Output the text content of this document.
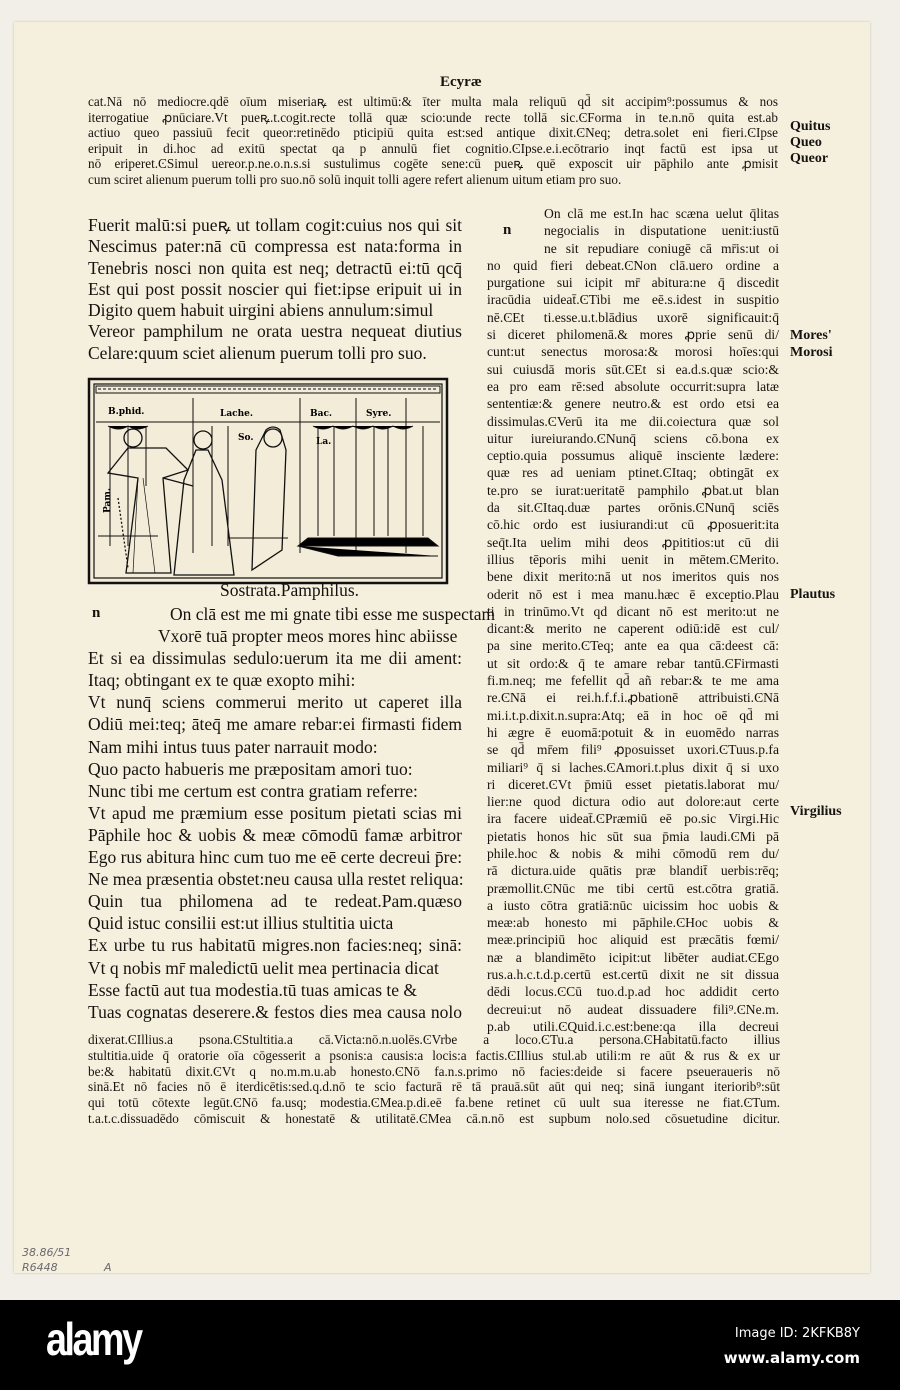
Ecyræ
cat.Nā nō mediocre.qdē oīum miseriaꝶ est ultimū:& īter multa mala reliquū qd̄ sit accipim⁹:possumus & nos
iterrogatiue ꝓnūciare.Vt pueꝶ.t.cogit.recte tollā quæ scio:unde recte tollā sic.ϾForma in te.n.nō quita est.ab
actiuo queo passiuū fecit queor:retinēdo pticipiū quita est:sed antique dixit.ϾNeq; detra.solet eni fieri.ϾIpse
eripuit in di.hoc ad exitū spectat qa p annulū fiet cognitio.ϾIpse.e.i.ecōtrario inqt factū est ipsa ut
nō eriperet.ϾSimul uereor.p.ne.o.n.s.si sustulimus cogēte sene:cū pueꝶ quē exposcit uir pāphilo ante ꝓmisit
cum sciret alienum puerum tolli pro suo.nō solū inquit tolli agere refert alienum uitum etiam pro suo.
Fuerit malū:si pueꝶ ut tollam cogit:cuius nos qui sit
Nescimus pater:nā cū compressa est nata:forma in
Tenebris nosci non quita est neq; detractū ei:tū qcq̄
Est qui post possit noscier qui fiet:ipse eripuit ui in
Digito quem habuit uirgini abiens annulum:simul
Vereor pamphilum ne orata uestra nequeat diutius
Celare:quum sciet alienum puerum tolli pro suo.
B.phid.	Lache.	Bac.	Syre.
So.	La.
Pam.
Sostrata.Pamphilus.
n
n
On clā est me mi gnate tibi esse me suspectam
Vxorē tuā propter meos mores hinc abiisse
Et si ea dissimulas sedulo:uerum ita me dii ament:
Itaq; obtingant ex te quæ exopto mihi:
Vt nunq̄ sciens commerui merito ut caperet illa
Odiū mei:teq; āteq̄ me amare rebar:ei firmasti fidem
Nam mihi intus tuus pater narrauit modo:
Quo pacto habueris me præpositam amori tuo:
Nunc tibi me certum est contra gratiam referre:
Vt apud me præmium esse positum pietati scias mi
Pāphile hoc & uobis & meæ cōmodū famæ arbitror
Ego rus abitura hinc cum tuo me eē certe decreui p̄re:
Ne mea præsentia obstet:neu causa ulla restet reliqua:
Quin tua philomena ad te redeat.Pam.quæso
Quid istuc consilii est:ut illius stultitia uicta
Ex urbe tu rus habitatū migres.non facies:neq; sinā:
Vt q nobis mr̄ maledictū uelit mea pertinacia dicat
Esse factū aut tua modestia.tū tuas amicas te &
Tuas cognatas deserere.& festos dies mea causa nolo
On clā me est.In hac scæna uelut q̄litas
negocialis in disputatione uenit:iustū
ne sit repudiare coniugē cā mr̄is:ut oi
no quid fieri debeat.ϾNon clā.uero ordine a
purgatione sui icipit mr̄ abitura:ne q̄ discedit
iracūdia uideat̄.ϾTibi me eē.s.idest in suspitio
nē.ϾEt ti.esse.u.t.blādius uxorē significauit:q̄
si diceret philomenā.& mores ꝓprie senū di/
cunt:ut senectus morosa:& morosi hoīes:qui
sui cuiusdā moris sūt.ϾEt si ea.d.s.quæ scio:&
ea pro eam rē:sed absolute occurrit:supra latæ
sententiæ:& genere neutro.& est ordo etsi ea
dissimulas.ϾVerū ita me dii.coiectura quæ sol
uitur iureiurando.ϾNunq̄ sciens cō.bona ex
ceptio.quia possumus aliquē insciente lædere:
quæ res ad ueniam ptinet.ϾItaq; obtingāt ex
te.pro se iurat:ueritatē pamphilo ꝓbat.ut blan
da sit.ϾItaq.duæ partes orōnis.ϾNunq̄ sciēs
cō.hic ordo est iusiurandi:ut cū ꝓposuerit:ita
seq̄t.Ita uelim mihi deos ꝓpititios:ut cū dii
illius tēporis mihi uenit in mētem.ϾMerito.
bene dixit merito:nā ut nos imeritos quis nos
oderit nō est i mea manu.hæc ē exceptio.Plau
ti in trinūmo.Vt qd dicant nō est merito:ut ne
dicant:& merito ne caperent odiū:idē est cul/
pa sine merito.ϾTeq; ante ea qua cā:deest cā:
ut sit ordo:& q̄ te amare rebar tantū.ϾFirmasti
fi.m.neq; me fefellit qd̄ añ rebar:& te me ama
re.ϾNā ei rei.h.f.f.i.ꝓbationē attribuisti.ϾNā
mi.i.t.p.dixit.n.supra:Atq; eā in hoc oē qd̄ mi
hi ægre ē euomā:potuit & in euomēdo narras
se qd̄ mr̄em fili⁹ ꝓposuisset uxori.ϾTuus.p.fa
miliari⁹ q̄ si laches.ϾAmori.t.plus dixit q̄ si uxo
ri diceret.ϾVt p̄miū esset pietatis.laborat mu/
lier:ne quod dictura odio aut dolore:aut certe
ira facere uideat̄.ϾPræmiū eē po.sic Virgi.Hic
pietatis honos hic sūt sua p̄mia laudi.ϾMi pā
phile.hoc & nobis & mihi cōmodū rem du/
rā dictura.uide quātis præ blandit̄ uerbis:rēq;
præmollit.ϾNūc me tibi certū est.cōtra gratiā.
a iusto cōtra gratiā:nūc uicissim hoc uobis &
meæ:ab honesto mi pāphile.ϾHoc uobis &
meæ.principiū hoc aliquid est præcātis fœmi/
næ a blandimēto icipit:ut libēter audiat.ϾEgo
rus.a.h.c.t.d.p.certū est.certū dixit ne sit dissua
dēdi locus.ϾCū tuo.d.p.ad hoc addidit certo
decreui:ut nō audeat dissuadere fili⁹.ϾNe.m.
p.ab utili.ϾQuid.i.c.est:bene:qa illa decreui
dixerat.ϾIllius.a psona.ϾStultitia.a cā.Victa:nō.n.uolēs.ϾVrbe a loco.ϾTu.a persona.ϾHabitatū.facto illius
stultitia.uide q̄ oratorie oīa cōgesserit a psonis:a causis:a locis:a factis.ϾIllius stul.ab utili:m re aūt & rus & ex ur
be:& habitatū dixit.ϾVt q no.m.m.u.ab honesto.ϾNō fa.n.s.primo nō facies:deide si facere pseueraueris nō
sinā.Et nō facies nō ē iterdicētis:sed.q.d.nō te scio facturā rē tā prauā.sūt aūt qui neq; sinā iungant iteriorib⁹:sūt
qui totū cōtexte legūt.ϾNō fa.usq; modestia.ϾMea.p.di.eē fa.bene retinet cū uult sua iteresse ne fiat.ϾTum.
t.a.t.c.dissuadēdo cōmiscuit & honestatē & utilitatē.ϾMea cā.n.nō est supbum nolo.sed cōsuetudine dicitur.
Quitus
Queo
Queor
Mores'
Morosi
Plautus
Virgilius
38.86/51
R6448	A
alamy	Image ID: 2KFKB8Y
www.alamy.com
